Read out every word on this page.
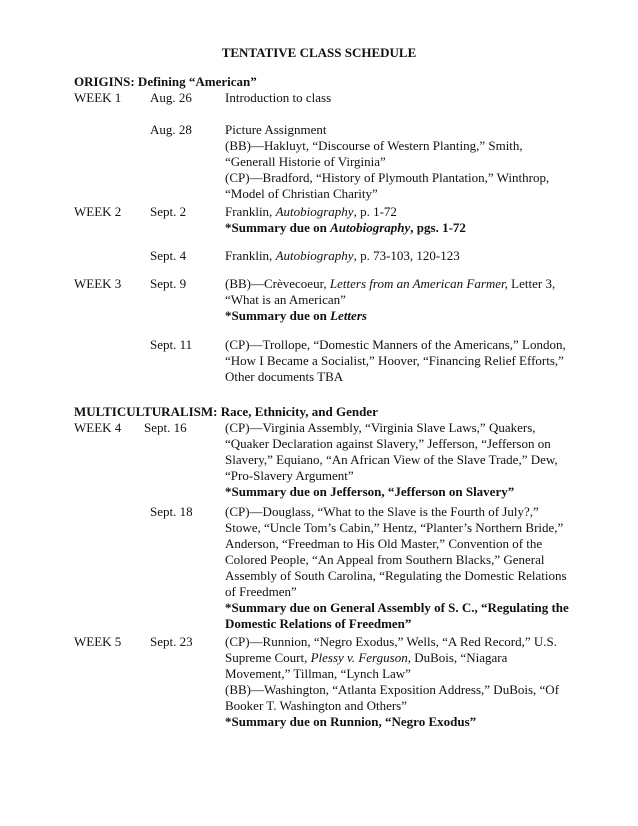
TENTATIVE CLASS SCHEDULE
ORIGINS: Defining “American”
WEEK 1 Aug. 26	Introduction to class
Aug. 28	Picture Assignment
(BB)—Hakluyt, “Discourse of Western Planting,” Smith,
“Generall Historie of Virginia”
(CP)—Bradford, “History of Plymouth Plantation,” Winthrop,
“Model of Christian Charity”
WEEK 2 Sept. 2	Franklin, Autobiography, p. 1-72
*Summary due on Autobiography, pgs. 1-72
Sept. 4	Franklin, Autobiography, p. 73-103, 120-123
WEEK 3 Sept. 9	(BB)—Crèvecoeur, Letters from an American Farmer, Letter 3,
“What is an American”
*Summary due on Letters
Sept. 11	(CP)—Trollope, “Domestic Manners of the Americans,” London,
“How I Became a Socialist,” Hoover, “Financing Relief Efforts,”
Other documents TBA
MULTICULTURALISM: Race, Ethnicity, and Gender
WEEK 4 Sept. 16	(CP)—Virginia Assembly, “Virginia Slave Laws,” Quakers,
“Quaker Declaration against Slavery,” Jefferson, “Jefferson on
Slavery,” Equiano, “An African View of the Slave Trade,” Dew,
“Pro-Slavery Argument”
*Summary due on Jefferson, “Jefferson on Slavery”
Sept. 18 (CP)—Douglass, “What to the Slave is the Fourth of July?,”
Stowe, “Uncle Tom’s Cabin,” Hentz, “Planter’s Northern Bride,”
Anderson, “Freedman to His Old Master,” Convention of the
Colored People, “An Appeal from Southern Blacks,” General
Assembly of South Carolina, “Regulating the Domestic Relations
of Freedmen”
*Summary due on General Assembly of S. C., “Regulating the
Domestic Relations of Freedmen”
WEEK 5 Sept. 23 (CP)—Runnion, “Negro Exodus,” Wells, “A Red Record,” U.S.
Supreme Court, Plessy v. Ferguson, DuBois, “Niagara
Movement,” Tillman, “Lynch Law”
(BB)—Washington, “Atlanta Exposition Address,” DuBois, “Of
Booker T. Washington and Others”
*Summary due on Runnion, “Negro Exodus”
